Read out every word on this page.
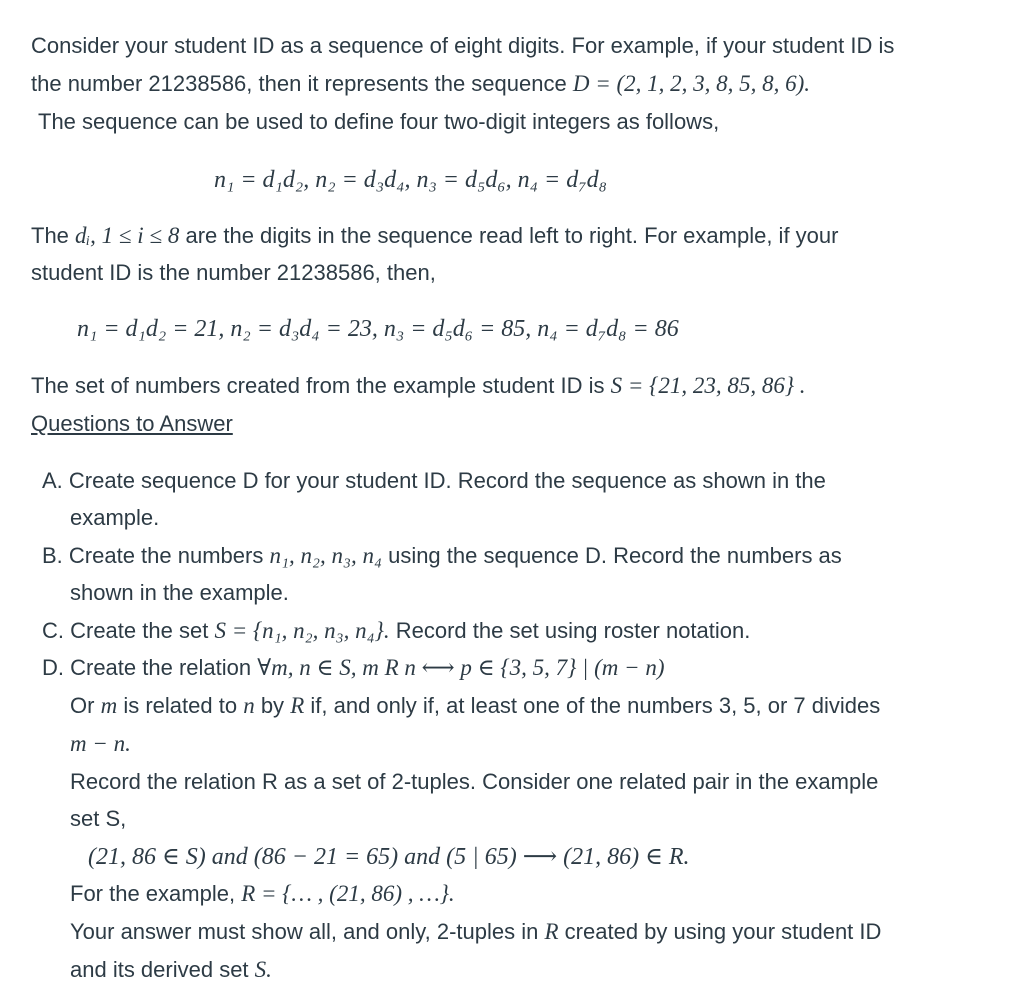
Consider your student ID as a sequence of eight digits. For example, if your student ID is
the number 21238586, then it represents the sequence D = (2, 1, 2, 3, 8, 5, 8, 6).
The sequence can be used to define four two-digit integers as follows,
n₁ = d₁d₂, n₂ = d₃d₄, n₃ = d₅d₆, n₄ = d₇d₈
The dᵢ, 1 ≤ i ≤ 8 are the digits in the sequence read left to right. For example, if your
student ID is the number 21238586, then,
n₁ = d₁d₂ = 21, n₂ = d₃d₄ = 23, n₃ = d₅d₆ = 85, n₄ = d₇d₈ = 86
The set of numbers created from the example student ID is S = {21, 23, 85, 86} .
Questions to Answer
A. Create sequence D for your student ID. Record the sequence as shown in the
example.
B. Create the numbers n₁, n₂, n₃, n₄ using the sequence D. Record the numbers as
shown in the example.
C. Create the set S = {n₁, n₂, n₃, n₄}. Record the set using roster notation.
D. Create the relation ∀m, n ∈ S, m R n ⟷ p ∈ {3, 5, 7} | (m − n)
Or m is related to n by R if, and only if, at least one of the numbers 3, 5, or 7 divides
m − n.
Record the relation R as a set of 2-tuples. Consider one related pair in the example
set S,
(21, 86 ∈ S) and (86 − 21 = 65) and (5 | 65) ⟶ (21, 86) ∈ R.
For the example, R = {… , (21, 86) , …}.
Your answer must show all, and only, 2-tuples in R created by using your student ID
and its derived set S.
